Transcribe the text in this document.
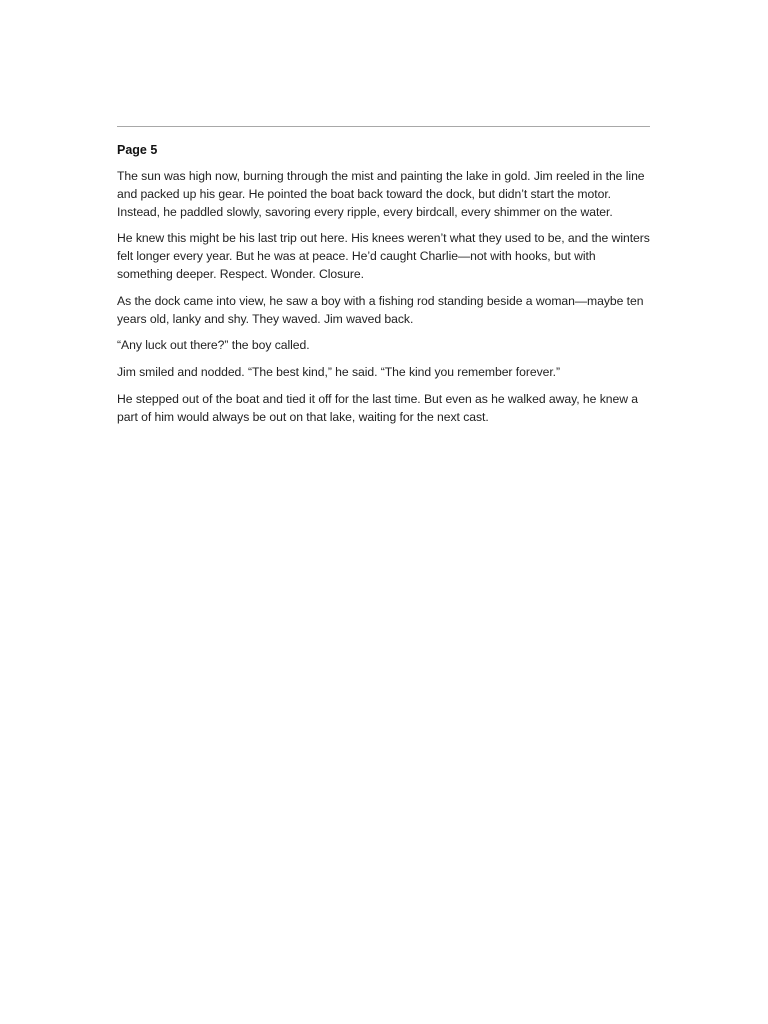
Page 5

The sun was high now, burning through the mist and painting the lake in gold. Jim reeled in the line and packed up his gear. He pointed the boat back toward the dock, but didn’t start the motor. Instead, he paddled slowly, savoring every ripple, every birdcall, every shimmer on the water.

He knew this might be his last trip out here. His knees weren’t what they used to be, and the winters felt longer every year. But he was at peace. He’d caught Charlie—not with hooks, but with something deeper. Respect. Wonder. Closure.

As the dock came into view, he saw a boy with a fishing rod standing beside a woman—maybe ten years old, lanky and shy. They waved. Jim waved back.

“Any luck out there?” the boy called.

Jim smiled and nodded. “The best kind,” he said. “The kind you remember forever.”

He stepped out of the boat and tied it off for the last time. But even as he walked away, he knew a part of him would always be out on that lake, waiting for the next cast.
